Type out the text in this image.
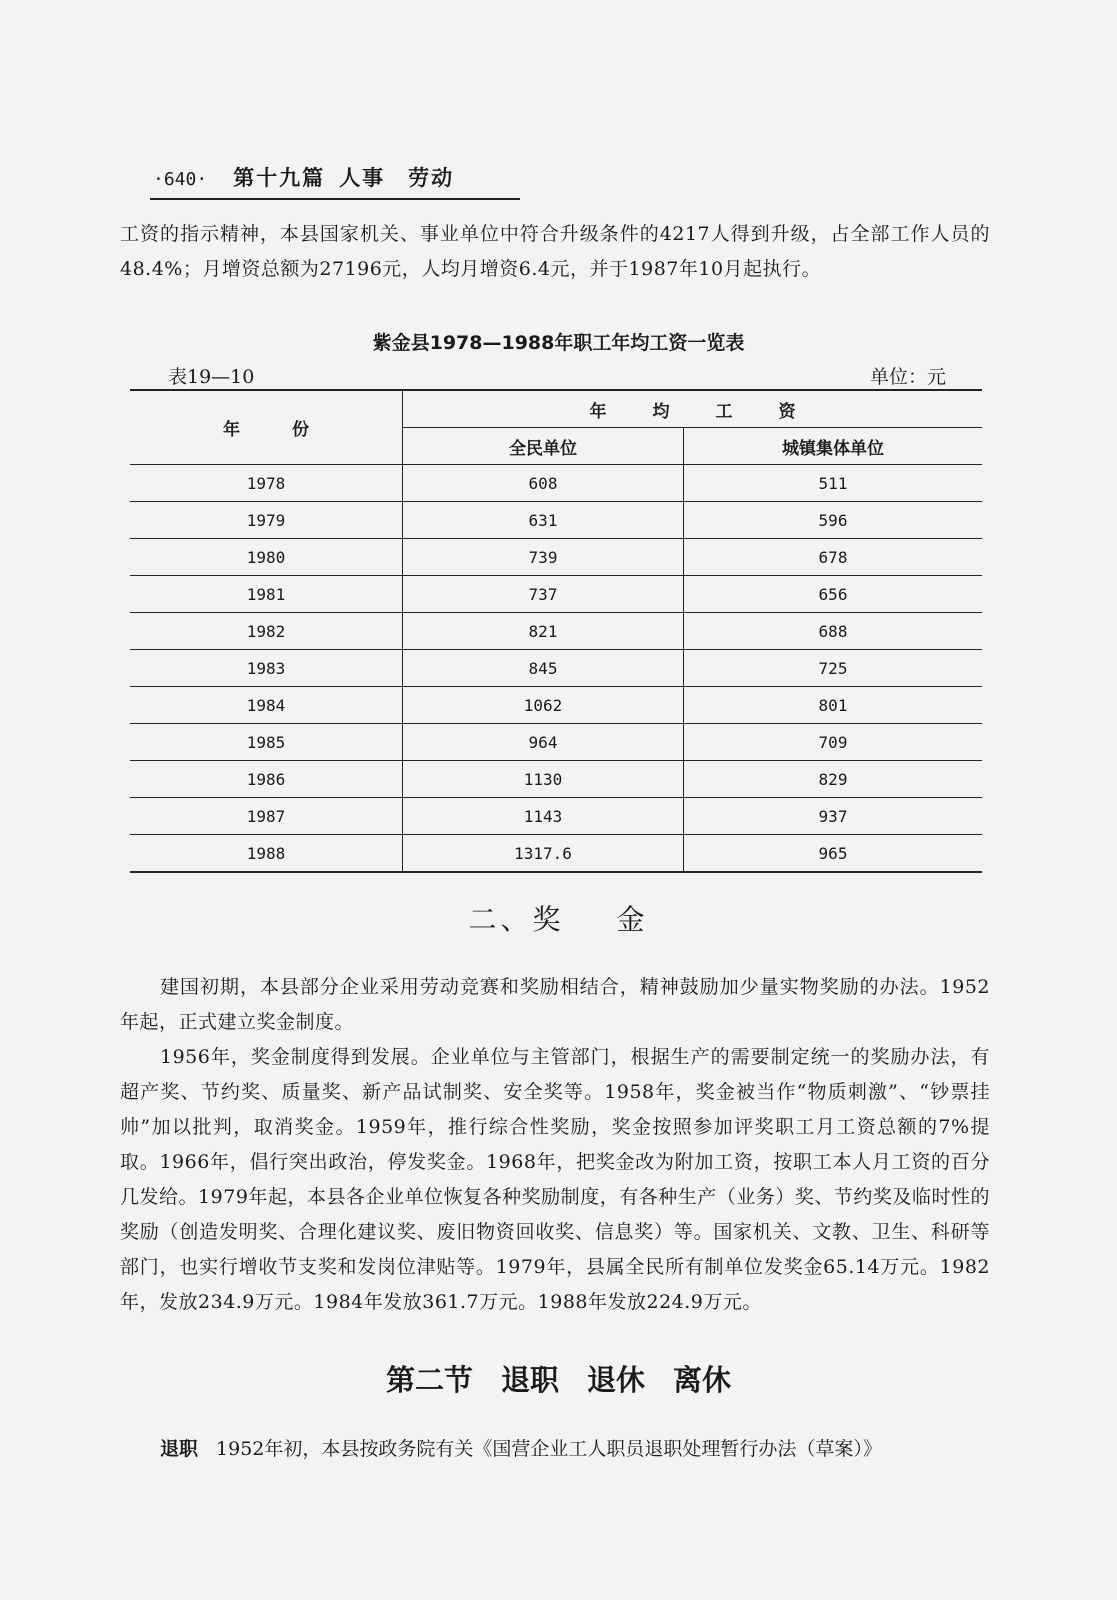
·640· 第十九篇 人事　劳动

工资的指示精神，本县国家机关、事业单位中符合升级条件的4217人得到升级，占全部工作人员的48.4%；月增资总额为27196元，人均月增资6.4元，并于1987年10月起执行。

紫金县1978—1988年职工年均工资一览表
表19—10	单位：元
年份	年均工资	
	全民单位	城镇集体单位
1978	608	511
1979	631	596
1980	739	678
1981	737	656
1982	821	688
1983	845	725
1984	1062	801
1985	964	709
1986	1130	829
1987	1143	937
1988	1317.6	965
二、奖 金

建国初期，本县部分企业采用劳动竞赛和奖励相结合，精神鼓励加少量实物奖励的办法。1952年起，正式建立奖金制度。

1956年，奖金制度得到发展。企业单位与主管部门，根据生产的需要制定统一的奖励办法，有超产奖、节约奖、质量奖、新产品试制奖、安全奖等。1958年，奖金被当作“物质刺激”、“钞票挂帅”加以批判，取消奖金。1959年，推行综合性奖励，奖金按照参加评奖职工月工资总额的7%提取。1966年，倡行突出政治，停发奖金。1968年，把奖金改为附加工资，按职工本人月工资的百分几发给。1979年起，本县各企业单位恢复各种奖励制度，有各种生产（业务）奖、节约奖及临时性的奖励（创造发明奖、合理化建议奖、废旧物资回收奖、信息奖）等。国家机关、文教、卫生、科研等部门，也实行增收节支奖和发岗位津贴等。1979年，县属全民所有制单位发奖金65.14万元。1982年，发放234.9万元。1984年发放361.7万元。1988年发放224.9万元。

第二节 退职 退休 离休
退职 1952年初，本县按政务院有关《国营企业工人职员退职处理暂行办法（草案）》
